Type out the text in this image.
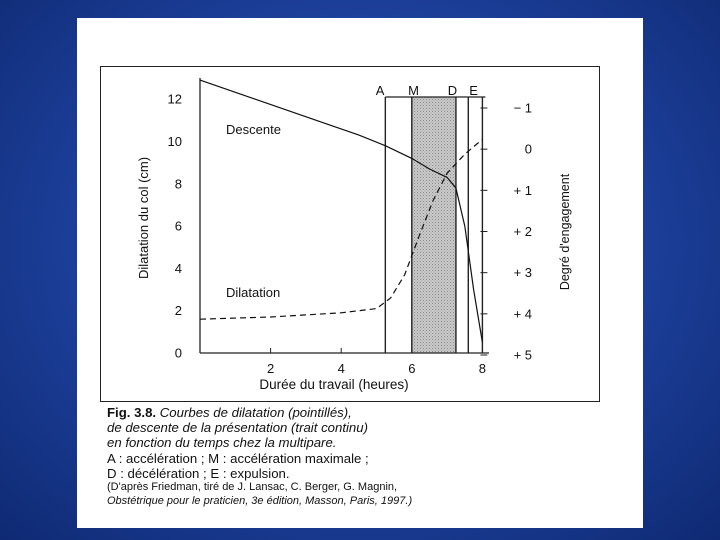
A M D E
0
2
4
6
8
10
12
2	4	6	8
− 1
0
+ 1
+ 2
+ 3
+ 4
+ 5
Durée du travail (heures)
Dilatation du col (cm)	Degré d'engagement
Descente
Dilatation
Fig. 3.8. Courbes de dilatation (pointillés),
de descente de la présentation (trait continu)
en fonction du temps chez la multipare.
A : accélération ; M : accélération maximale ;
D : décélération ; E : expulsion.
(D'après Friedman, tiré de J. Lansac, C. Berger, G. Magnin,
Obstétrique pour le praticien, 3e édition, Masson, Paris, 1997.)
